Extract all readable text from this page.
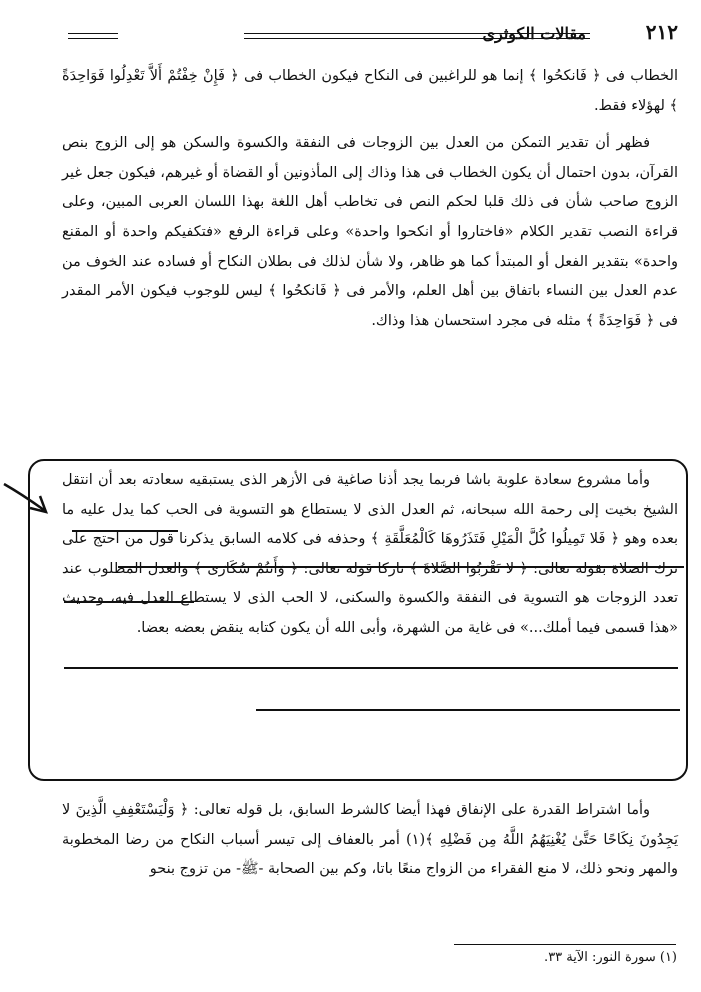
٢١٢
مقالات الكوثرى

الخطاب فى ﴿ فَانكحُوا ﴾ إنما هو للراغبين فى النكاح فيكون الخطاب فى ﴿ فَإِنْ خِفْتُمْ أَلاَّ تَعْدِلُوا فَوَاحِدَةً ﴾ لهؤلاء فقط.

فظهر أن تقدير التمكن من العدل بين الزوجات فى النفقة والكسوة والسكن هو إلى الزوج بنص القرآن، بدون احتمال أن يكون الخطاب فى هذا وذاك إلى المأذونين أو القضاة أو غيرهم، فيكون جعل غير الزوج صاحب شأن فى ذلك قلبا لحكم النص فى تخاطب أهل اللغة بهذا اللسان العربى المبين، وعلى قراءة النصب تقدير الكلام «فاختاروا أو انكحوا واحدة» وعلى قراءة الرفع «فتكفيكم واحدة أو المقنع واحدة» بتقدير الفعل أو المبتدأ كما هو ظاهر، ولا شأن لذلك فى بطلان النكاح أو فساده عند الخوف من عدم العدل بين النساء باتفاق بين أهل العلم، والأمر فى ﴿ فَانكحُوا ﴾ ليس للوجوب فيكون الأمر المقدر فى ﴿ فَوَاحِدَةً ﴾ مثله فى مجرد استحسان هذا وذاك.

وأما مشروع سعادة علوبة باشا فربما يجد أذنا صاغية فى الأزهر الذى يستبقيه سعادته بعد أن انتقل الشيخ بخيت إلى رحمة الله سبحانه، ثم العدل الذى لا يستطاع هو التسوية فى الحب كما يدل عليه ما بعده وهو ﴿ فَلا تَمِيلُوا كُلَّ الْمَيْلِ فَتَذَرُوهَا كَالْمُعَلَّقَةِ ﴾ وحذفه فى كلامه السابق يذكرنا قول من احتج على ترك الصلاة بقوله تعالى: ﴿ لا تَقْرَبُوا الصَّلاةَ ﴾ تاركا قوله تعالى: ﴿ وَأَنتُمْ سُكَارَى ﴾ والعدل المطلوب عند تعدد الزوجات هو التسوية فى النفقة والكسوة والسكنى، لا الحب الذى لا يستطاع العدل فيه، وحديث «هذا قسمى فيما أملك...» فى غاية من الشهرة، وأبى الله أن يكون كتابه ينقض بعضه بعضا.

وأما اشتراط القدرة على الإنفاق فهذا أيضا كالشرط السابق، بل قوله تعالى: ﴿ وَلْيَسْتَعْفِفِ الَّذِينَ لا يَجِدُونَ نِكَاحًا حَتَّىٰ يُغْنِيَهُمُ اللَّهُ مِن فَضْلِهِ ﴾(١) أمر بالعفاف إلى تيسر أسباب النكاح من رضا المخطوبة والمهر ونحو ذلك، لا منع الفقراء من الزواج منعًا باتا، وكم بين الصحابة -ﷺ- من تزوج بنحو

(١) سورة النور: الآية ٣٣.
